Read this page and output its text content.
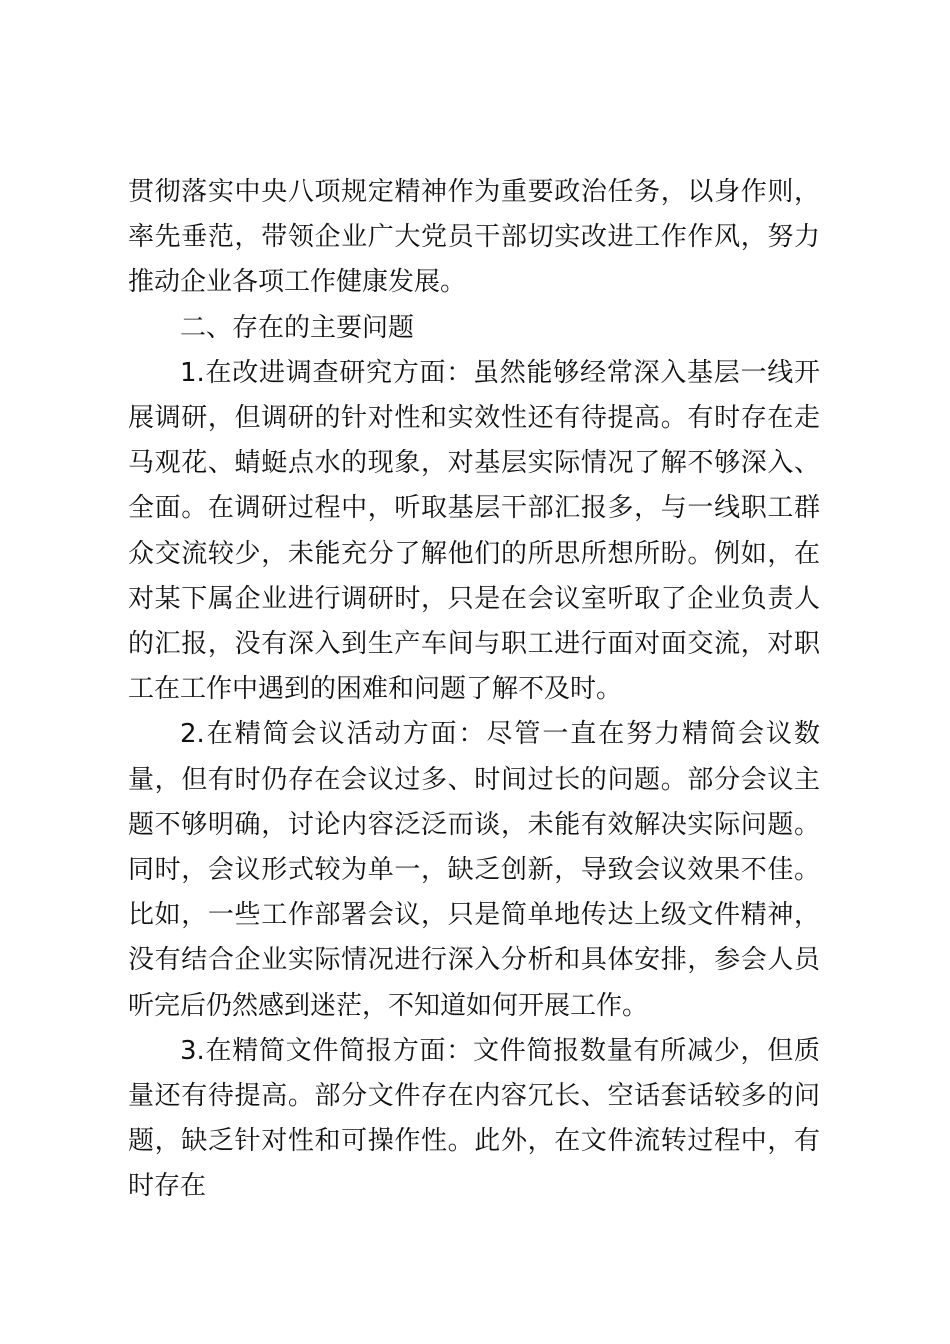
贯彻落实中央八项规定精神作为重要政治任务，以身作则，率先垂范，带领企业广大党员干部切实改进工作作风，努力推动企业各项工作健康发展。

二、存在的主要问题

1.在改进调查研究方面：虽然能够经常深入基层一线开展调研，但调研的针对性和实效性还有待提高。有时存在走马观花、蜻蜓点水的现象，对基层实际情况了解不够深入、全面。在调研过程中，听取基层干部汇报多，与一线职工群众交流较少，未能充分了解他们的所思所想所盼。例如，在对某下属企业进行调研时，只是在会议室听取了企业负责人的汇报，没有深入到生产车间与职工进行面对面交流，对职工在工作中遇到的困难和问题了解不及时。

2.在精简会议活动方面：尽管一直在努力精简会议数量，但有时仍存在会议过多、时间过长的问题。部分会议主题不够明确，讨论内容泛泛而谈，未能有效解决实际问题。同时，会议形式较为单一，缺乏创新，导致会议效果不佳。比如，一些工作部署会议，只是简单地传达上级文件精神，没有结合企业实际情况进行深入分析和具体安排，参会人员听完后仍然感到迷茫，不知道如何开展工作。

3.在精简文件简报方面：文件简报数量有所减少，但质量还有待提高。部分文件存在内容冗长、空话套话较多的问题，缺乏针对性和可操作性。此外，在文件流转过程中，有时存在
